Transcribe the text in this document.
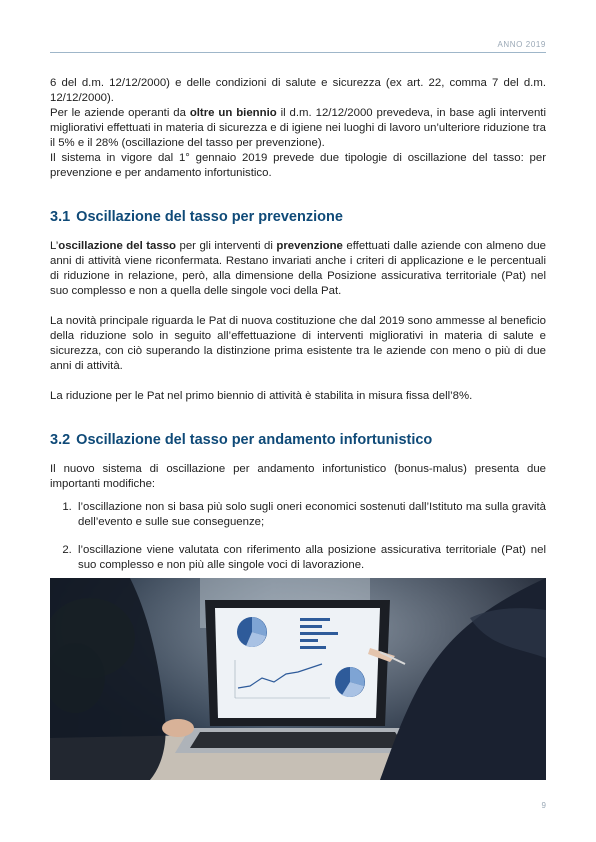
ANNO 2019

6 del d.m. 12/12/2000) e delle condizioni di salute e sicurezza (ex art. 22, comma 7 del d.m. 12/12/2000).

Per le aziende operanti da oltre un biennio il d.m. 12/12/2000 prevedeva, in base agli interventi migliorativi effettuati in materia di sicurezza e di igiene nei luoghi di lavoro un’ulteriore riduzione tra il 5% e il 28% (oscillazione del tasso per prevenzione).

Il sistema in vigore dal 1° gennaio 2019 prevede due tipologie di oscillazione del tasso: per prevenzione e per andamento infortunistico.

3.1 Oscillazione del tasso per prevenzione

L’oscillazione del tasso per gli interventi di prevenzione effettuati dalle aziende con almeno due anni di attività viene riconfermata. Restano invariati anche i criteri di applicazione e le percentuali di riduzione in relazione, però, alla dimensione della Posizione assicurativa territoriale (Pat) nel suo complesso e non a quella delle singole voci della Pat.

La novità principale riguarda le Pat di nuova costituzione che dal 2019 sono ammesse al beneficio della riduzione solo in seguito all’effettuazione di interventi migliorativi in materia di salute e sicurezza, con ciò superando la distinzione prima esistente tra le aziende con meno o più di due anni di attività.

La riduzione per le Pat nel primo biennio di attività è stabilita in misura fissa dell’8%.

3.2 Oscillazione del tasso per andamento infortunistico

Il nuovo sistema di oscillazione per andamento infortunistico (bonus-malus) presenta due importanti modifiche:

1. l’oscillazione non si basa più solo sugli oneri economici sostenuti dall’Istituto ma sulla gravità dell’evento e sulle sue conseguenze;
2. l’oscillazione viene valutata con riferimento alla posizione assicurativa territoriale (Pat) nel suo complesso e non più alle singole voci di lavorazione.
9
